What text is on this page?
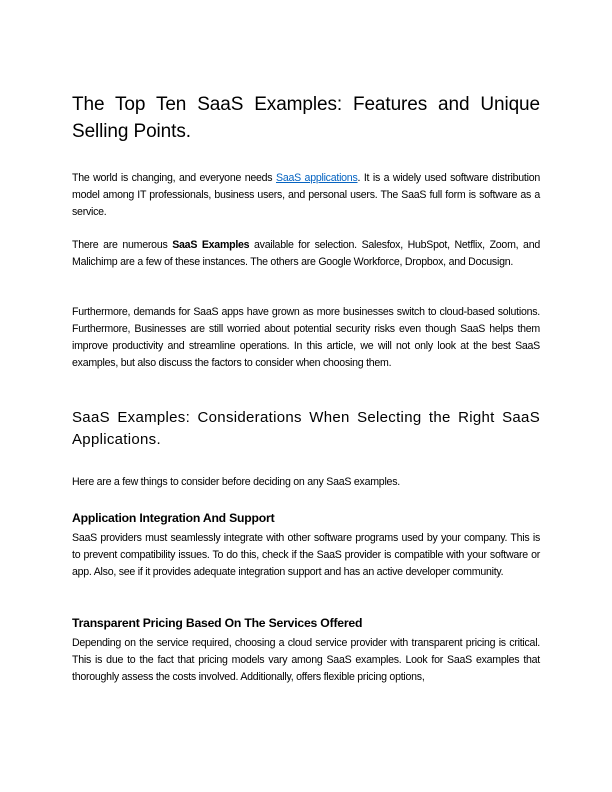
The Top Ten SaaS Examples: Features and Unique Selling Points.

The world is changing, and everyone needs SaaS applications. It is a widely used software distribution model among IT professionals, business users, and personal users. The SaaS full form is software as a service.

There are numerous SaaS Examples available for selection. Salesfox, HubSpot, Netflix, Zoom, and Malichimp are a few of these instances. The others are Google Workforce, Dropbox, and Docusign.

Furthermore, demands for SaaS apps have grown as more businesses switch to cloud-based solutions. Furthermore, Businesses are still worried about potential security risks even though SaaS helps them improve productivity and streamline operations. In this article, we will not only look at the best SaaS examples, but also discuss the factors to consider when choosing them.

SaaS Examples: Considerations When Selecting the Right SaaS Applications.

Here are a few things to consider before deciding on any SaaS examples.

Application Integration And Support

SaaS providers must seamlessly integrate with other software programs used by your company. This is to prevent compatibility issues. To do this, check if the SaaS provider is compatible with your software or app. Also, see if it provides adequate integration support and has an active developer community.

Transparent Pricing Based On The Services Offered

Depending on the service required, choosing a cloud service provider with transparent pricing is critical. This is due to the fact that pricing models vary among SaaS examples. Look for SaaS examples that thoroughly assess the costs involved. Additionally, offers flexible pricing options,
